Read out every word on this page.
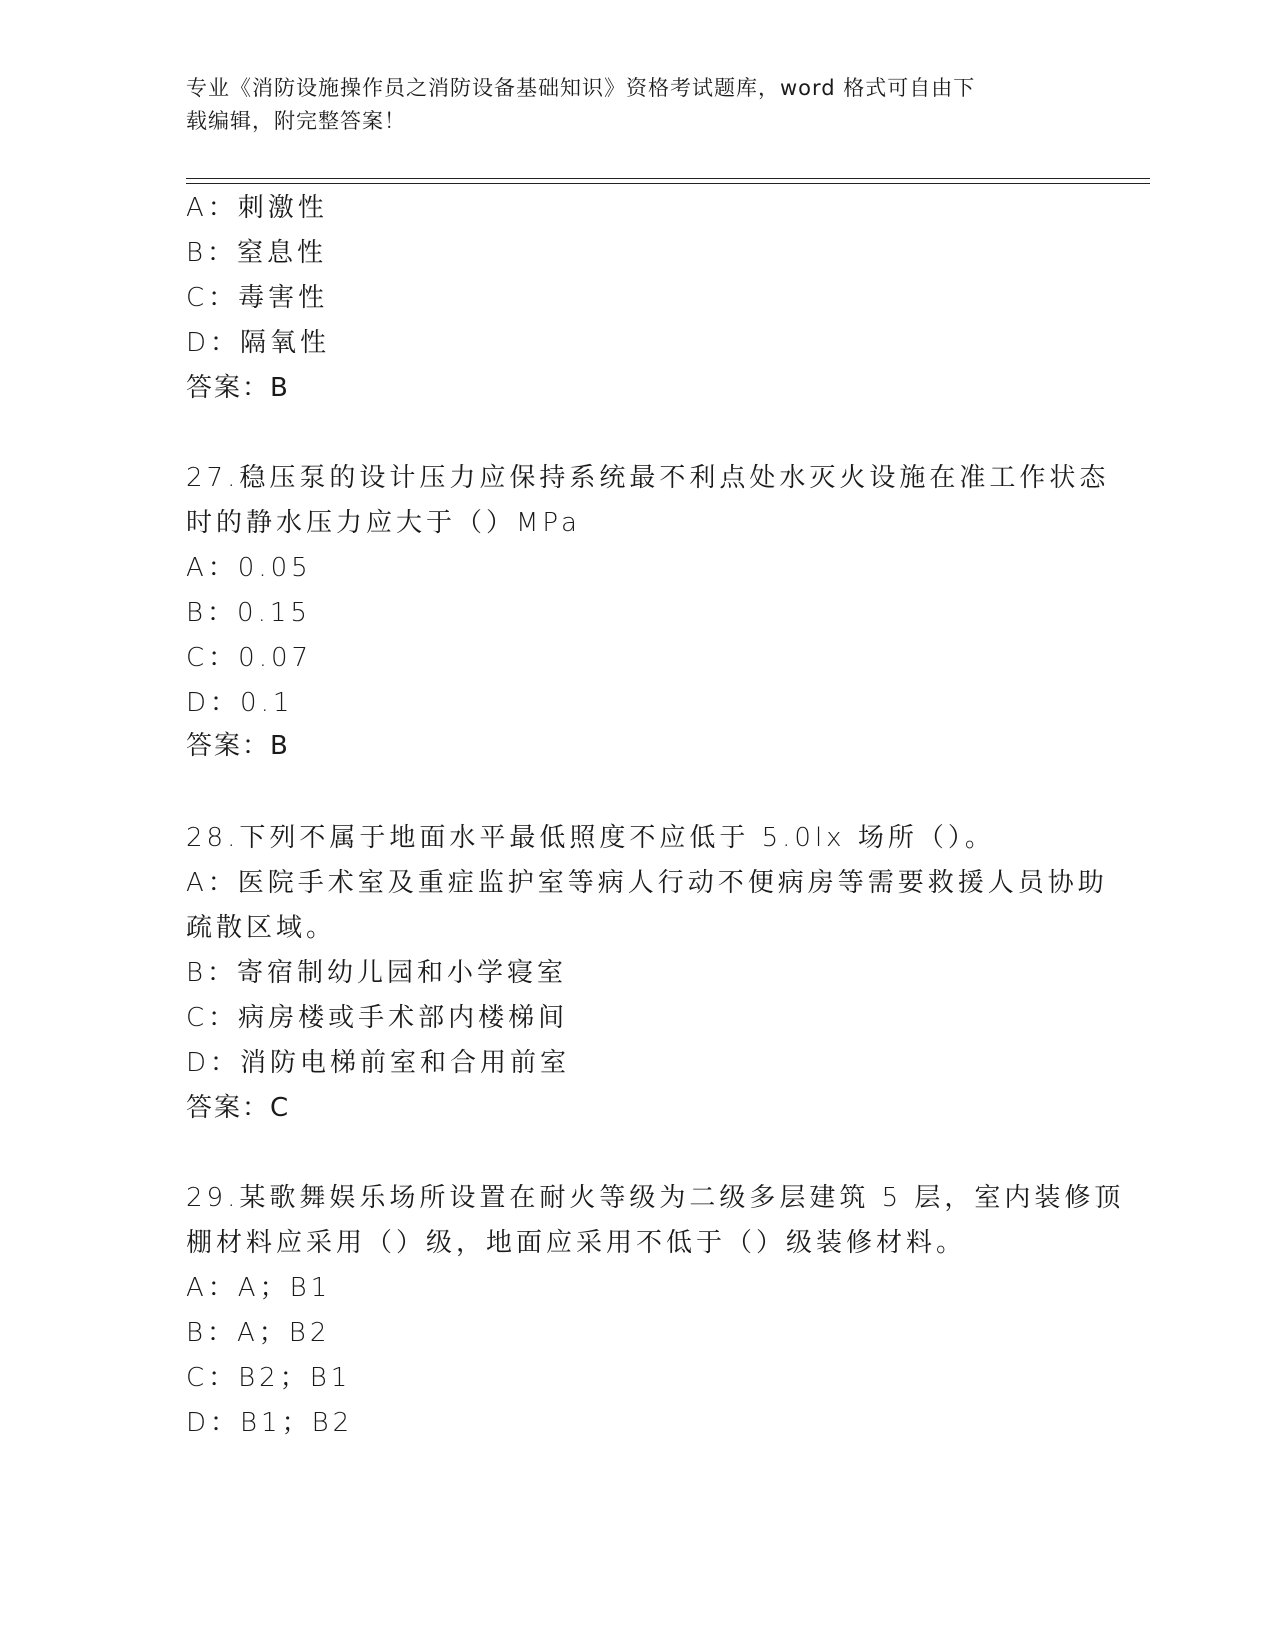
专业《消防设施操作员之消防设备基础知识》资格考试题库，word 格式可自由下
载编辑，附完整答案！
A：刺激性
B：窒息性
C：毒害性
D：隔氧性
答案：B
27.稳压泵的设计压力应保持系统最不利点处水灭火设施在准工作状态
时的静水压力应大于（）MPa
A：0.05
B：0.15
C：0.07
D：0.1
答案：B
28.下列不属于地面水平最低照度不应低于 5.0lx 场所（）。
A：医院手术室及重症监护室等病人行动不便病房等需要救援人员协助
疏散区域。
B：寄宿制幼儿园和小学寝室
C：病房楼或手术部内楼梯间
D：消防电梯前室和合用前室
答案：C
29.某歌舞娱乐场所设置在耐火等级为二级多层建筑 5 层，室内装修顶
棚材料应采用（）级，地面应采用不低于（）级装修材料。
A：A；B1
B：A；B2
C：B2；B1
D：B1；B2
